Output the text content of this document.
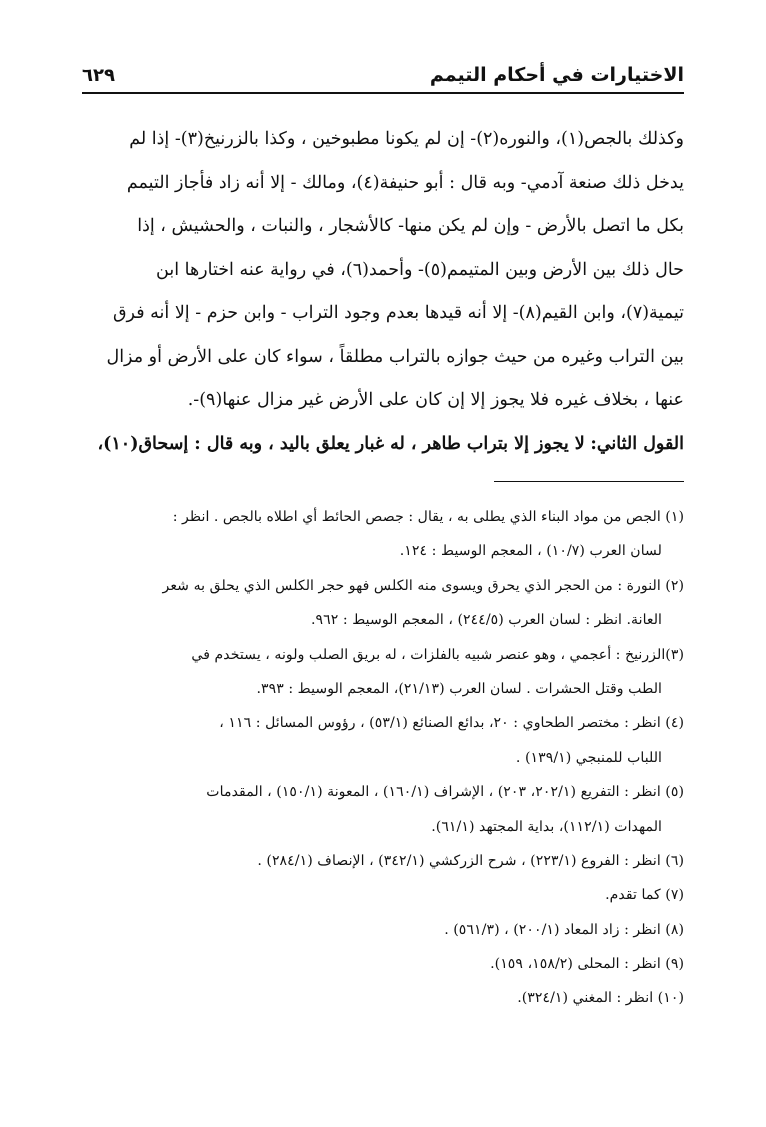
الاختيارات في أحكام التيمم
٦٢٩
وكذلك بالجص(١)، والنوره(٢)- إن لم يكونا مطبوخين ، وكذا بالزرنيخ(٣)- إذا لم
يدخل ذلك صنعة آدمي- وبه قال : أبو حنيفة(٤)، ومالك - إلا أنه زاد فأجاز التيمم
بكل ما اتصل بالأرض - وإن لم يكن منها- كالأشجار ، والنبات ، والحشيش ، إذا
حال ذلك بين الأرض وبين المتيمم(٥)- وأحمد(٦)، في رواية عنه اختارها ابن
تيمية(٧)، وابن القيم(٨)- إلا أنه قيدها بعدم وجود التراب - وابن حزم - إلا أنه فرق
بين التراب وغيره من حيث جوازه بالتراب مطلقاً ، سواء كان على الأرض أو مزال
عنها ، بخلاف غيره فلا يجوز إلا إن كان على الأرض غير مزال عنها(٩)-.
القول الثاني: لا يجوز إلا بتراب طاهر ، له غبار يعلق باليد ، وبه قال : إسحاق(١٠)،
(١) الجص من مواد البناء الذي يطلى به ، يقال : جصص الحائط أي اطلاه بالجص . انظر :
لسان العرب (١٠/٧) ، المعجم الوسيط : ١٢٤.
(٢) النورة : من الحجر الذي يحرق ويسوى منه الكلس فهو حجر الكلس الذي يحلق به شعر
العانة. انظر : لسان العرب (٢٤٤/٥) ، المعجم الوسيط : ٩٦٢.
(٣)الزرنيخ : أعجمي ، وهو عنصر شبيه بالفلزات ، له بريق الصلب ولونه ، يستخدم في
الطب وقتل الحشرات . لسان العرب (٢١/١٣)، المعجم الوسيط : ٣٩٣.
(٤) انظر : مختصر الطحاوي : ٢٠، بدائع الصنائع (٥٣/١) ، رؤوس المسائل : ١١٦ ،
اللباب للمنبجي (١٣٩/١) .
(٥) انظر : التفريع (٢٠٢/١، ٢٠٣) ، الإشراف (١٦٠/١) ، المعونة (١٥٠/١) ، المقدمات
المهدات (١١٢/١)، بداية المجتهد (٦١/١).
(٦) انظر : الفروع (٢٢٣/١) ، شرح الزركشي (٣٤٢/١) ، الإنصاف (٢٨٤/١) .
(٧) كما تقدم.
(٨) انظر : زاد المعاد (٢٠٠/١) ، (٥٦١/٣) .
(٩) انظر : المحلى (١٥٨/٢، ١٥٩).
(١٠) انظر : المغني (٣٢٤/١).
